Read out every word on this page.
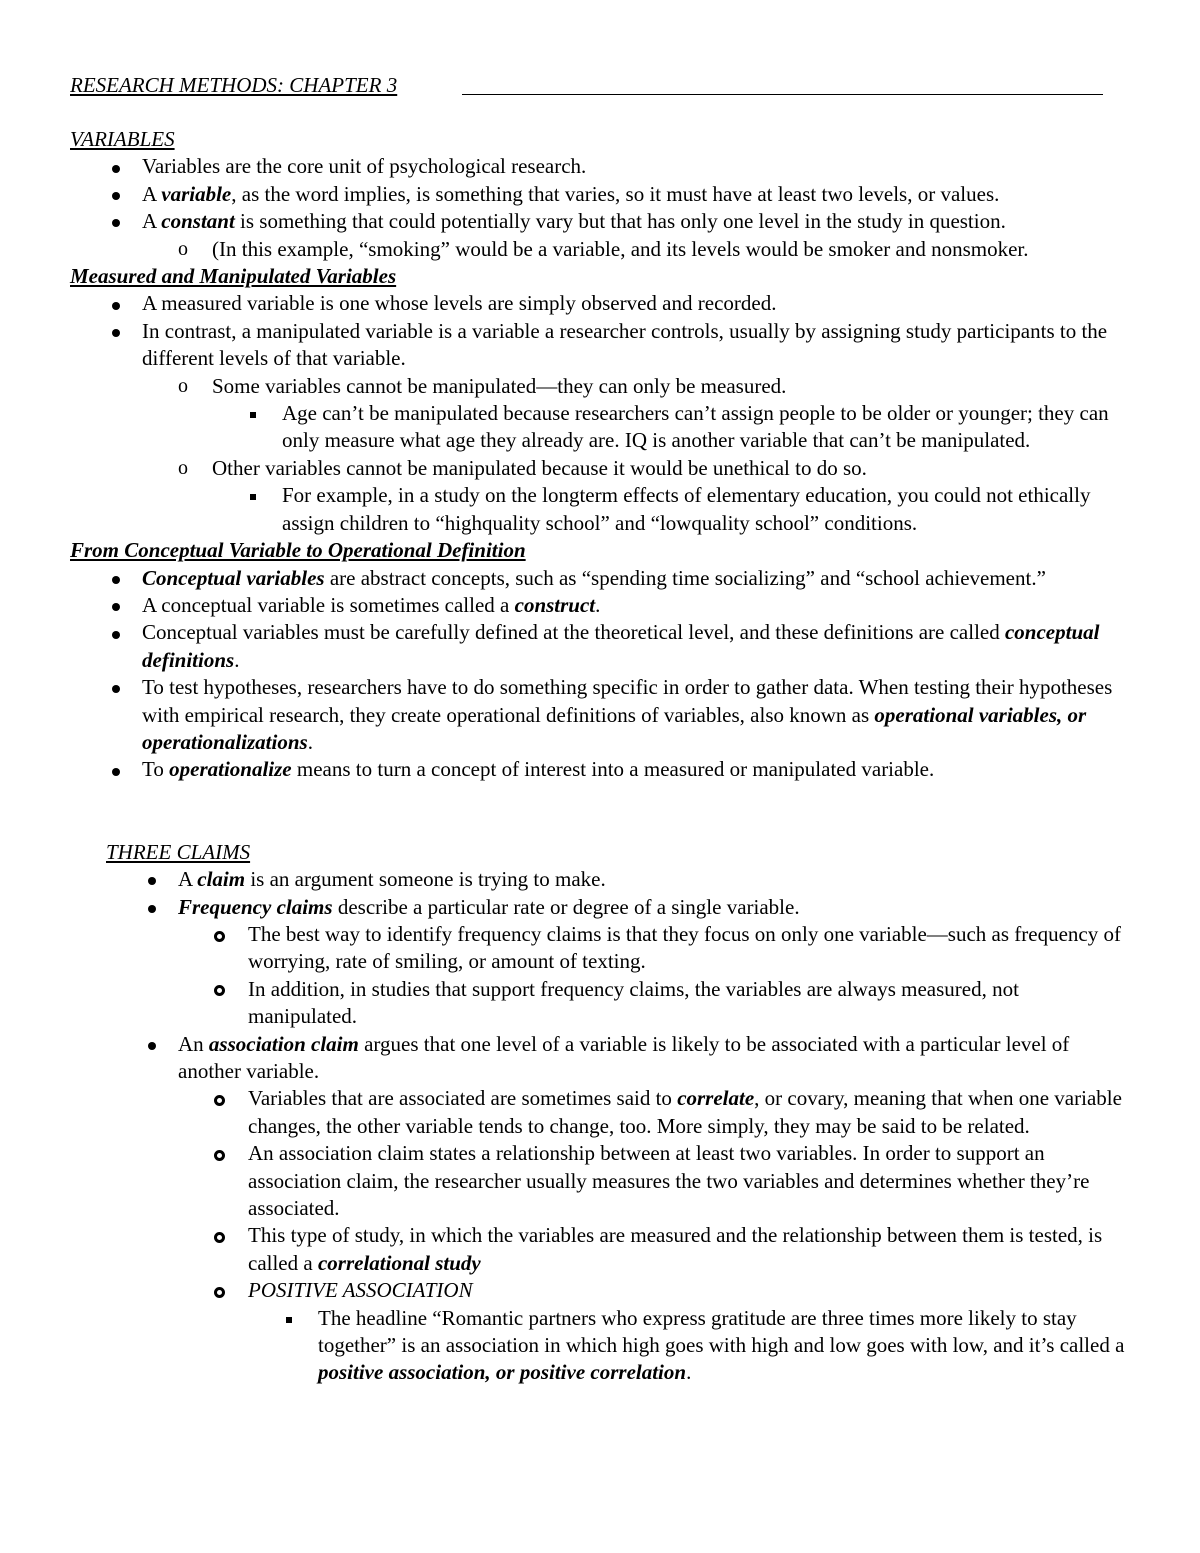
RESEARCH METHODS: CHAPTER 3
VARIABLES
Variables are the core unit of psychological research.
A variable, as the word implies, is something that varies, so it must have at least two levels, or values.
A constant is something that could potentially vary but that has only one level in the study in question.
o (In this example, “smoking” would be a variable, and its levels would be smoker and nonsmoker.
Measured and Manipulated Variables
A measured variable is one whose levels are simply observed and recorded.
In contrast, a manipulated variable is a variable a researcher controls, usually by assigning study participants to the different levels of that variable.
o Some variables cannot be manipulated—they can only be measured.
Age can’t be manipulated because researchers can’t assign people to be older or younger; they can only measure what age they already are. IQ is another variable that can’t be manipulated.
o Other variables cannot be manipulated because it would be unethical to do so.
For example, in a study on the longterm effects of elementary education, you could not ethically assign children to “highquality school” and “lowquality school” conditions.
From Conceptual Variable to Operational Definition
Conceptual variables are abstract concepts, such as “spending time socializing” and “school achievement.”
A conceptual variable is sometimes called a construct.
Conceptual variables must be carefully defined at the theoretical level, and these definitions are called conceptual definitions.
To test hypotheses, researchers have to do something specific in order to gather data. When testing their hypotheses with empirical research, they create operational definitions of variables, also known as operational variables, or operationalizations.
To operationalize means to turn a concept of interest into a measured or manipulated variable.
THREE CLAIMS
A claim is an argument someone is trying to make.
Frequency claims describe a particular rate or degree of a single variable.
The best way to identify frequency claims is that they focus on only one variable—such as frequency of worrying, rate of smiling, or amount of texting.
In addition, in studies that support frequency claims, the variables are always measured, not manipulated.
An association claim argues that one level of a variable is likely to be associated with a particular level of another variable.
Variables that are associated are sometimes said to correlate, or covary, meaning that when one variable changes, the other variable tends to change, too. More simply, they may be said to be related.
An association claim states a relationship between at least two variables. In order to support an association claim, the researcher usually measures the two variables and determines whether they’re associated.
This type of study, in which the variables are measured and the relationship between them is tested, is called a correlational study
POSITIVE ASSOCIATION
The headline “Romantic partners who express gratitude are three times more likely to stay together” is an association in which high goes with high and low goes with low, and it’s called a positive association, or positive correlation.
